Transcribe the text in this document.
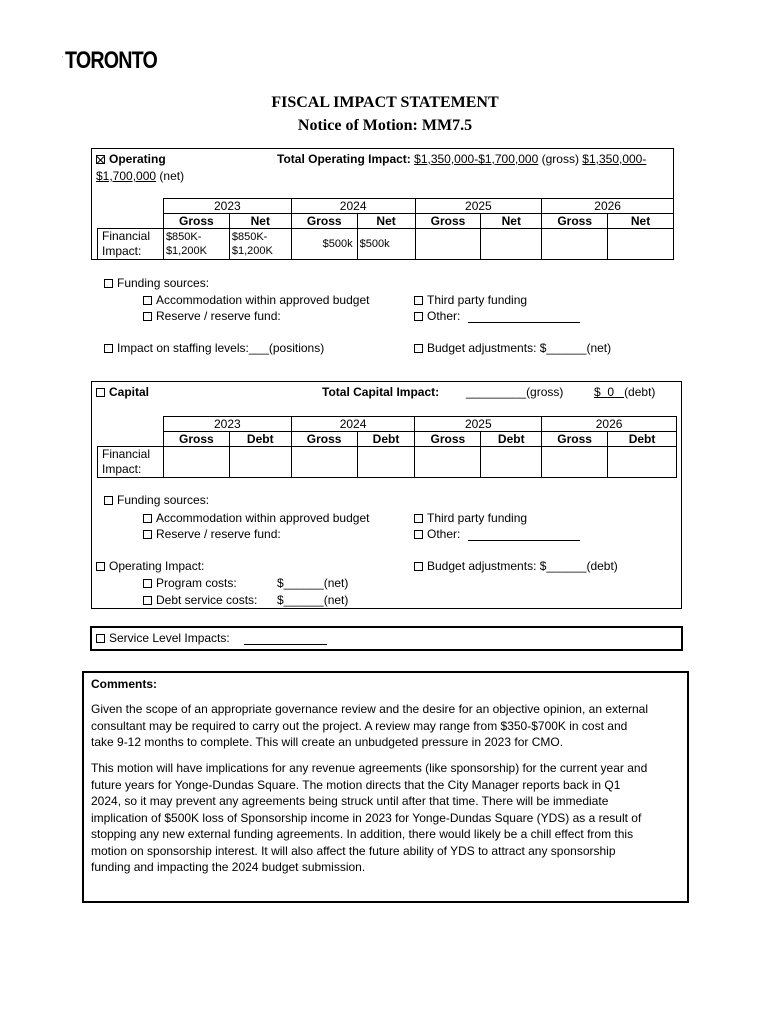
TORONTO
FISCAL IMPACT STATEMENT
Notice of Motion: MM7.5
Operating	Total Operating Impact: $1,350,000-$1,700,000 (gross) $1,350,000-
$1,700,000 (net)
	2023		2024		2025		2026	
	Gross	Net	Gross	Net	Gross	Net	Gross	Net
Financial
Impact:	$850K-
$1,200K	$850K-
$1,200K	$500k	$500k				
Funding sources:
Accommodation within approved budget
Reserve / reserve fund:
Third party funding
Other:
Impact on staffing levels:___(positions)	Budget adjustments: $______(net)
Capital	Total Capital Impact: _________(gross)	$ 0 (debt)
	2023		2024		2025		2026	
	Gross	Debt	Gross	Debt	Gross	Debt	Gross	Debt
Financial
Impact:								
Funding sources:
Accommodation within approved budget
Reserve / reserve fund:
Third party funding
Other:
Operating Impact:
Program costs:	$______(net)
Debt service costs: $______(net)
Budget adjustments: $______(debt)
Service Level Impacts:
Comments:
Given the scope of an appropriate governance review and the desire for an objective opinion, an external
consultant may be required to carry out the project. A review may range from $350-$700K in cost and
take 9-12 months to complete. This will create an unbudgeted pressure in 2023 for CMO.
This motion will have implications for any revenue agreements (like sponsorship) for the current year and
future years for Yonge-Dundas Square. The motion directs that the City Manager reports back in Q1
2024, so it may prevent any agreements being struck until after that time. There will be immediate
implication of $500K loss of Sponsorship income in 2023 for Yonge-Dundas Square (YDS) as a result of
stopping any new external funding agreements. In addition, there would likely be a chill effect from this
motion on sponsorship interest. It will also affect the future ability of YDS to attract any sponsorship
funding and impacting the 2024 budget submission.
